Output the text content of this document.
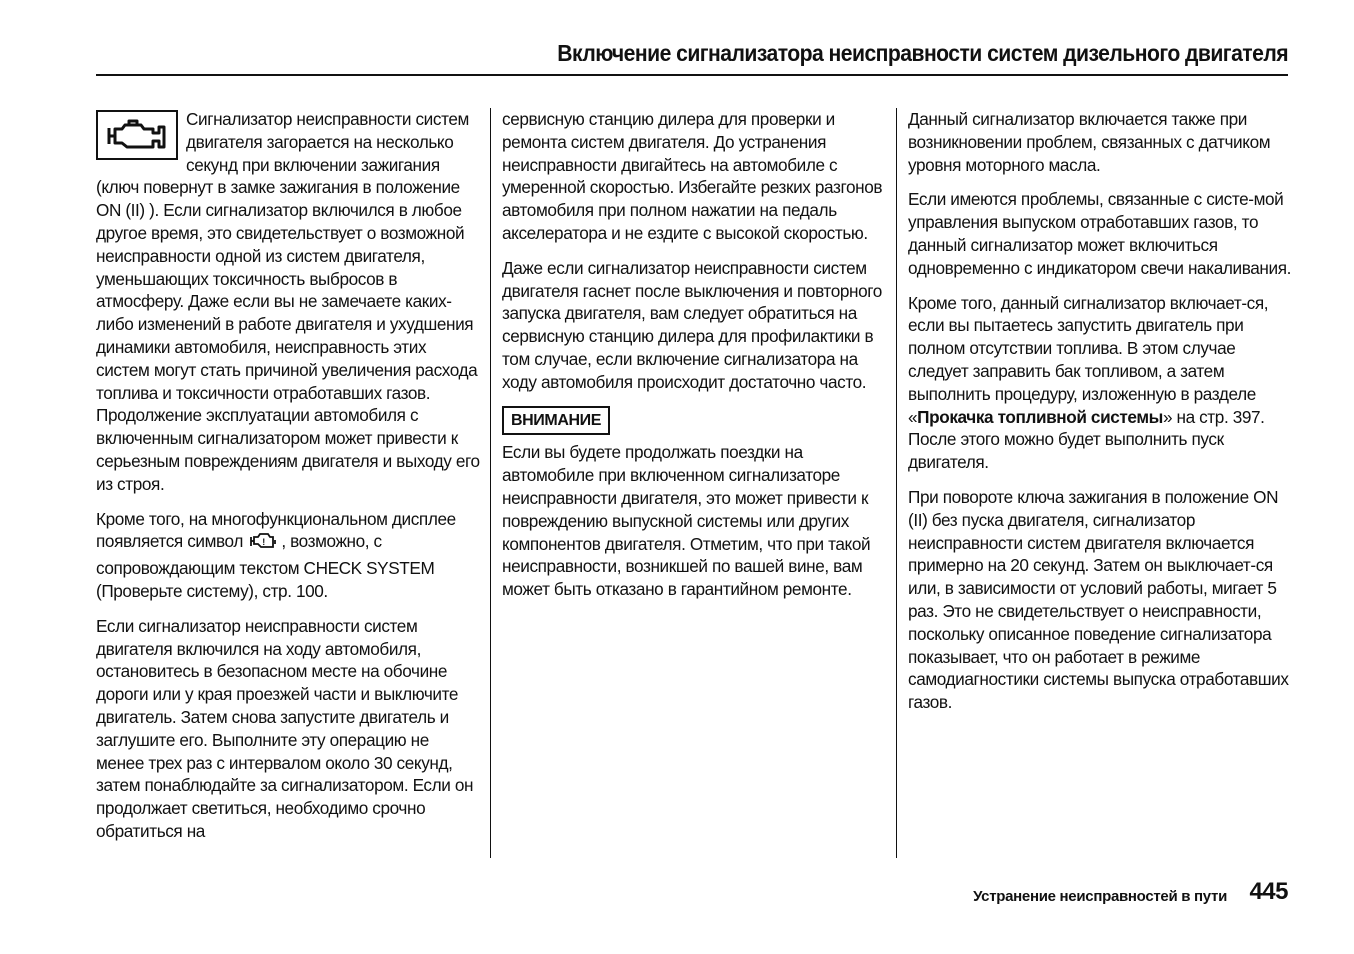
Включение сигнализатора неисправности систем дизельного двигателя

Сигнализатор неисправности систем двигателя загорается на несколько секунд при включении зажигания (ключ повернут в замке зажигания в положение ON (II) ). Если сигнализатор включился в любое другое время, это свидетельствует о возможной неисправности одной из систем двигателя, уменьшающих токсичность выбросов в атмосферу. Даже если вы не замечаете каких-либо изменений в работе двигателя и ухудшения динамики автомобиля, неисправность этих систем могут стать причиной увеличения расхода топлива и токсичности отработавших газов. Продолжение эксплуатации автомобиля с включенным сигнализатором может привести к серьезным повреждениям двигателя и выходу его из строя.

Кроме того, на многофункциональном дисплее появляется символ ! , возможно, с сопровождающим текстом CHECK SYSTEM (Проверьте систему), стр. 100.

Если сигнализатор неисправности систем двигателя включился на ходу автомобиля, остановитесь в безопасном месте на обочине дороги или у края проезжей части и выключите двигатель. Затем снова запустите двигатель и заглушите его. Выполните эту операцию не менее трех раз с интервалом около 30 секунд, затем понаблюдайте за сигнализатором. Если он продолжает светиться, необходимо срочно обратиться на

сервисную станцию дилера для проверки и ремонта систем двигателя. До устранения неисправности двигайтесь на автомобиле с умеренной скоростью. Избегайте резких разгонов автомобиля при полном нажатии на педаль акселератора и не ездите с высокой скоростью.

Даже если сигнализатор неисправности систем двигателя гаснет после выключения и повторного запуска двигателя, вам следует обратиться на сервисную станцию дилера для профилактики в том случае, если включение сигнализатора на ходу автомобиля происходит достаточно часто.

ВНИМАНИЕ

Если вы будете продолжать поездки на автомобиле при включенном сигнализаторе неисправности двигателя, это может привести к повреждению выпускной системы или других компонентов двигателя. Отметим, что при такой неисправности, возникшей по вашей вине, вам может быть отказано в гарантийном ремонте.

Данный сигнализатор включается также при возникновении проблем, связанных с датчиком уровня моторного масла.

Если имеются проблемы, связанные с систе-мой управления выпуском отработавших газов, то данный сигнализатор может включиться одновременно с индикатором свечи накаливания.

Кроме того, данный сигнализатор включает-ся, если вы пытаетесь запустить двигатель при полном отсутствии топлива. В этом случае следует заправить бак топливом, а затем выполнить процедуру, изложенную в разделе «Прокачка топливной системы» на стр. 397. После этого можно будет выполнить пуск двигателя.

При повороте ключа зажигания в положение ON (II) без пуска двигателя, сигнализатор неисправности систем двигателя включается примерно на 20 секунд. Затем он выключает-ся или, в зависимости от условий работы, мигает 5 раз. Это не свидетельствует о неисправности, поскольку описанное поведение сигнализатора показывает, что он работает в режиме самодиагностики системы выпуска отработавших газов.

Устранение неисправностей в пути 445
